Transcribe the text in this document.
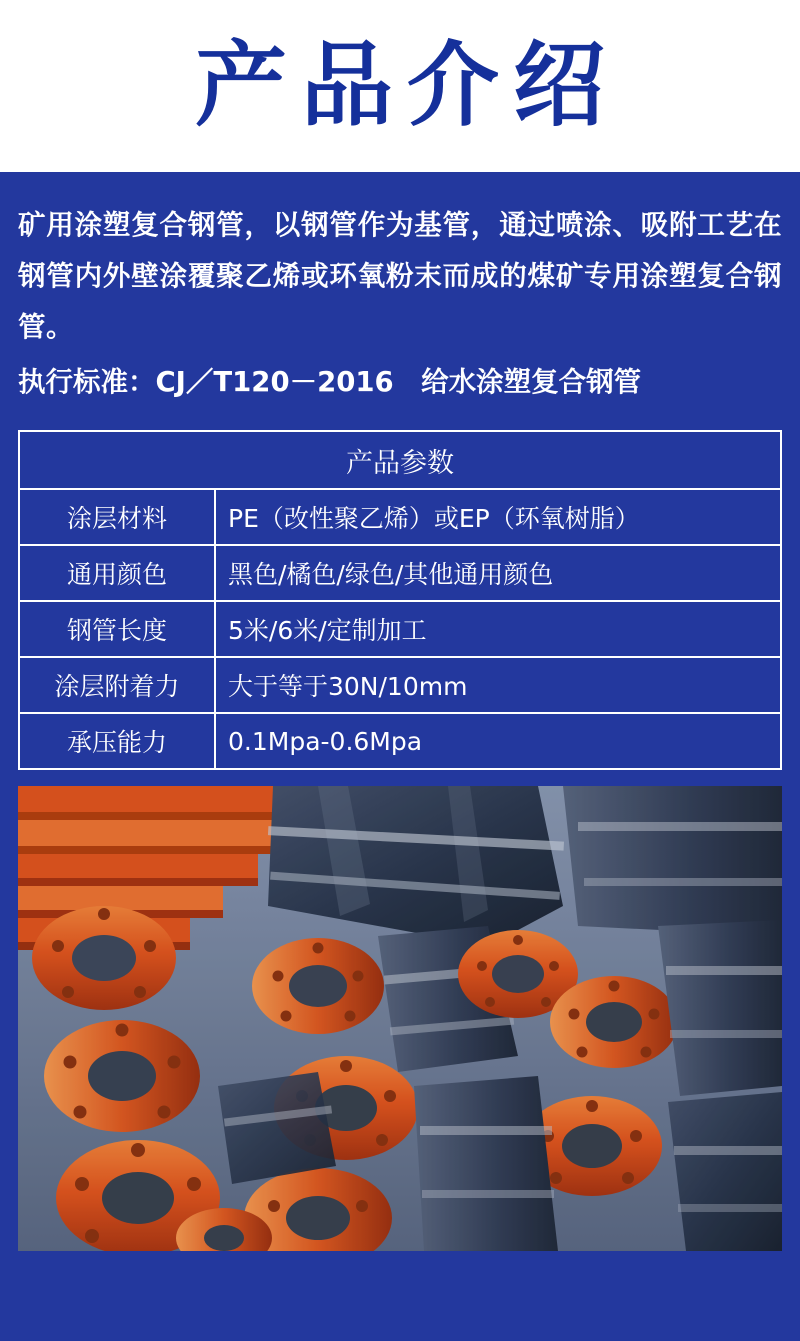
产品介绍

矿用涂塑复合钢管，以钢管作为基管，通过喷涂、吸附工艺在钢管内外壁涂覆聚乙烯或环氧粉末而成的煤矿专用涂塑复合钢管。

执行标准：CJ／T120－2016　给水涂塑复合钢管

产品参数	
涂层材料	PE（改性聚乙烯）或EP（环氧树脂）
通用颜色	黑色/橘色/绿色/其他通用颜色
钢管长度	5米/6米/定制加工
涂层附着力	大于等于30N/10mm
承压能力	0.1Mpa-0.6Mpa
